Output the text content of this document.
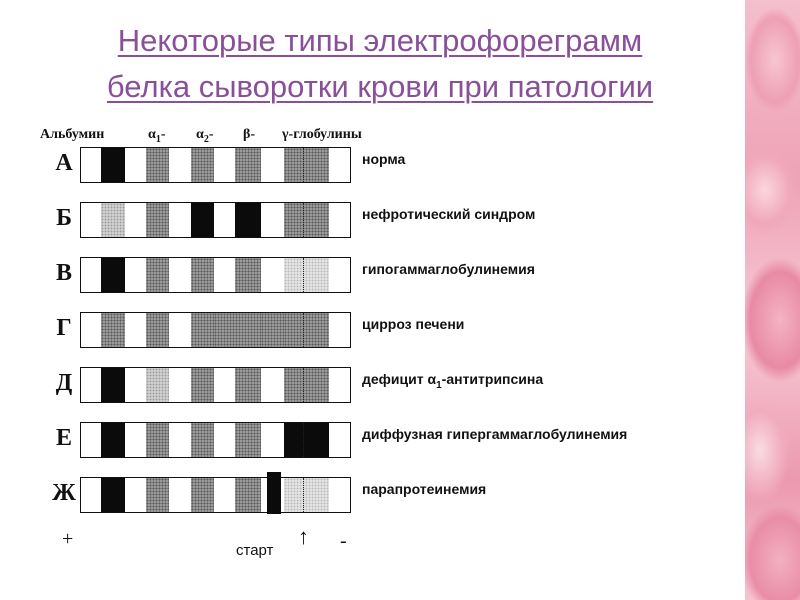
Некоторые типы электрофореграмм
белка сыворотки крови при патологии
Альбумин	$\alpha_1-$ $\alpha_2-$ β- γ-глобулины
А	норма
Б	нефротический синдром
В	гипогаммаглобулинемия
Г	цирроз печени
Д	дефицит $\alpha_1$-антитрипсина
Е	диффузная гипергаммаглобулинемия
Ж	парапротеинемия
+
старт
↑ -
